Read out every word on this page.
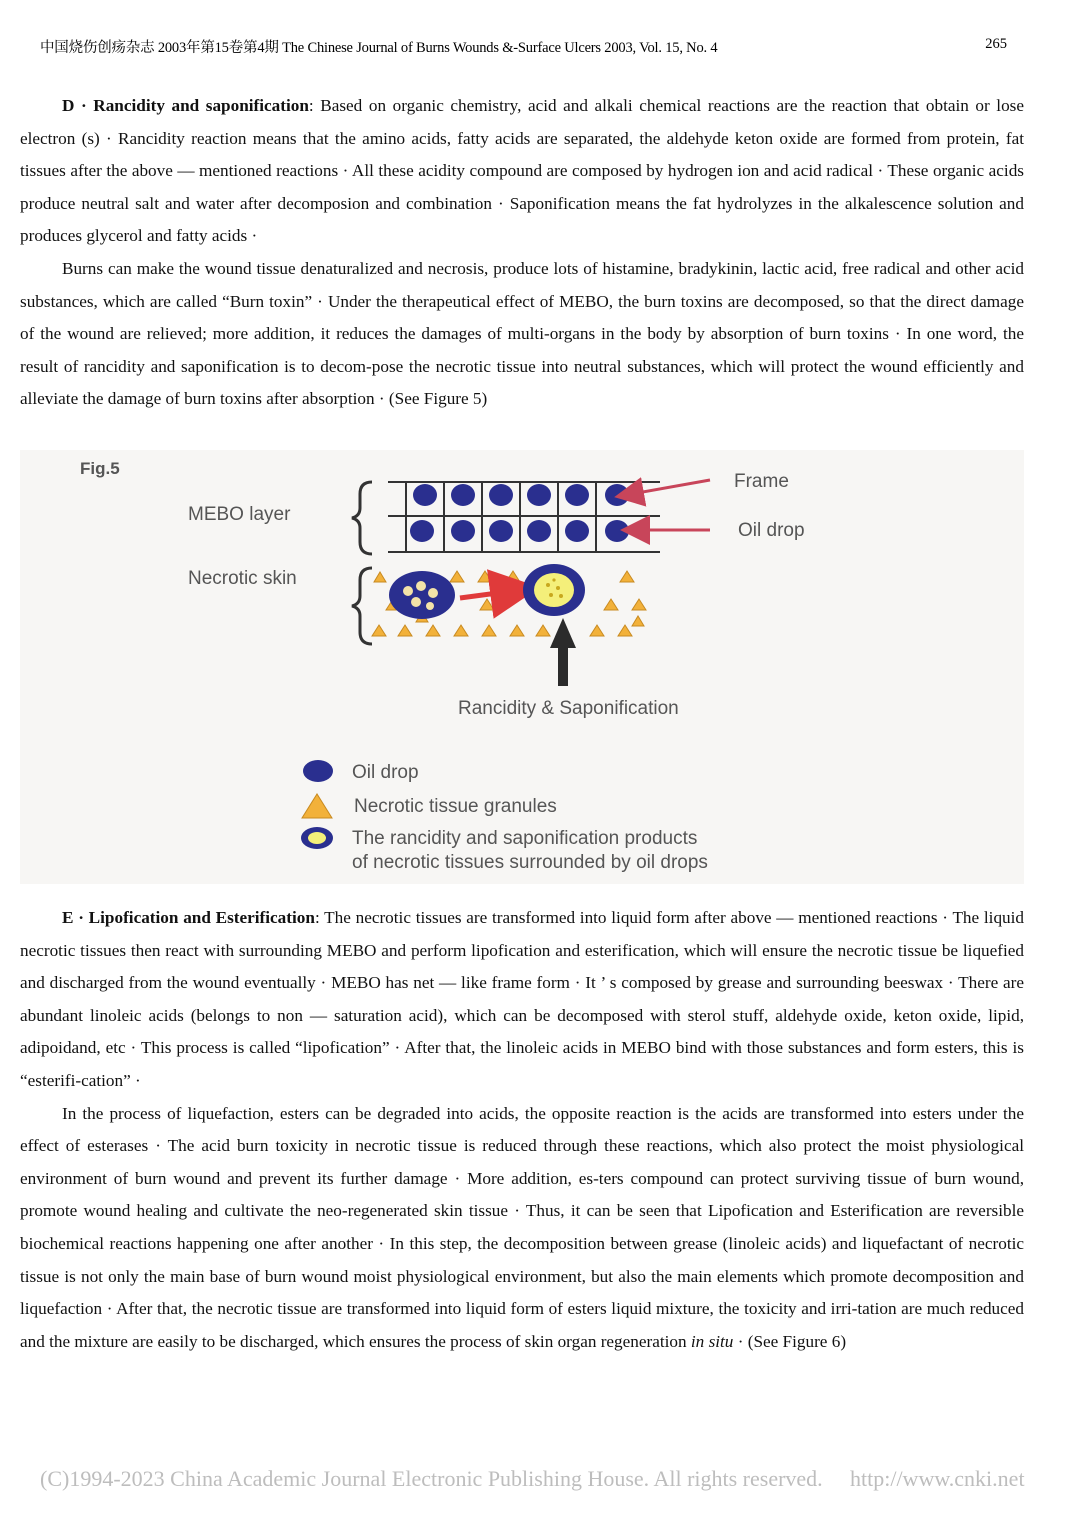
中国烧伤创疡杂志 2003年第15卷第4期 The Chinese Journal of Burns Wounds &-Surface Ulcers 2003, Vol. 15, No. 4	265

D · Rancidity and saponification: Based on organic chemistry, acid and alkali chemical reactions are the reaction that obtain or lose electron (s) · Rancidity reaction means that the amino acids, fatty acids are separated, the aldehyde keton oxide are formed from protein, fat tissues after the above — mentioned reactions · All these acidity compound are composed by hydrogen ion and acid radical · These organic acids produce neutral salt and water after decomposion and combination · Saponification means the fat hydrolyzes in the alkalescence solution and produces glycerol and fatty acids ·

Burns can make the wound tissue denaturalized and necrosis, produce lots of histamine, bradykinin, lactic acid, free radical and other acid substances, which are called “Burn toxin” · Under the therapeutical effect of MEBO, the burn toxins are decomposed, so that the direct damage of the wound are relieved; more addition, it reduces the damages of multi-organs in the body by absorption of burn toxins · In one word, the result of rancidity and saponification is to decom-pose the necrotic tissue into neutral substances, which will protect the wound efficiently and alleviate the damage of burn toxins after absorption · (See Figure 5)

Fig.5
MEBO layer
Necrotic skin
Frame
Oil drop
Rancidity & Saponification
Oil drop
Necrotic tissue granules
The rancidity and saponification products
of necrotic tissues surrounded by oil drops

E · Lipofication and Esterification: The necrotic tissues are transformed into liquid form after above — mentioned reactions · The liquid necrotic tissues then react with surrounding MEBO and perform lipofication and esterification, which will ensure the necrotic tissue be liquefied and discharged from the wound eventually · MEBO has net — like frame form · It ’ s composed by grease and surrounding beeswax · There are abundant linoleic acids (belongs to non — saturation acid), which can be decomposed with sterol stuff, aldehyde oxide, keton oxide, lipid, adipoidand, etc · This process is called “lipofication” · After that, the linoleic acids in MEBO bind with those substances and form esters, this is “esterifi-cation” ·

In the process of liquefaction, esters can be degraded into acids, the opposite reaction is the acids are transformed into esters under the effect of esterases · The acid burn toxicity in necrotic tissue is reduced through these reactions, which also protect the moist physiological environment of burn wound and prevent its further damage · More addition, es-ters compound can protect surviving tissue of burn wound, promote wound healing and cultivate the neo-regenerated skin tissue · Thus, it can be seen that Lipofication and Esterification are reversible biochemical reactions happening one after another · In this step, the decomposition between grease (linoleic acids) and liquefactant of necrotic tissue is not only the main base of burn wound moist physiological environment, but also the main elements which promote decomposition and liquefaction · After that, the necrotic tissue are transformed into liquid form of esters liquid mixture, the toxicity and irri-tation are much reduced and the mixture are easily to be discharged, which ensures the process of skin organ regeneration in situ · (See Figure 6)

(C)1994-2023 China Academic Journal Electronic Publishing House. All rights reserved. http://www.cnki.net
